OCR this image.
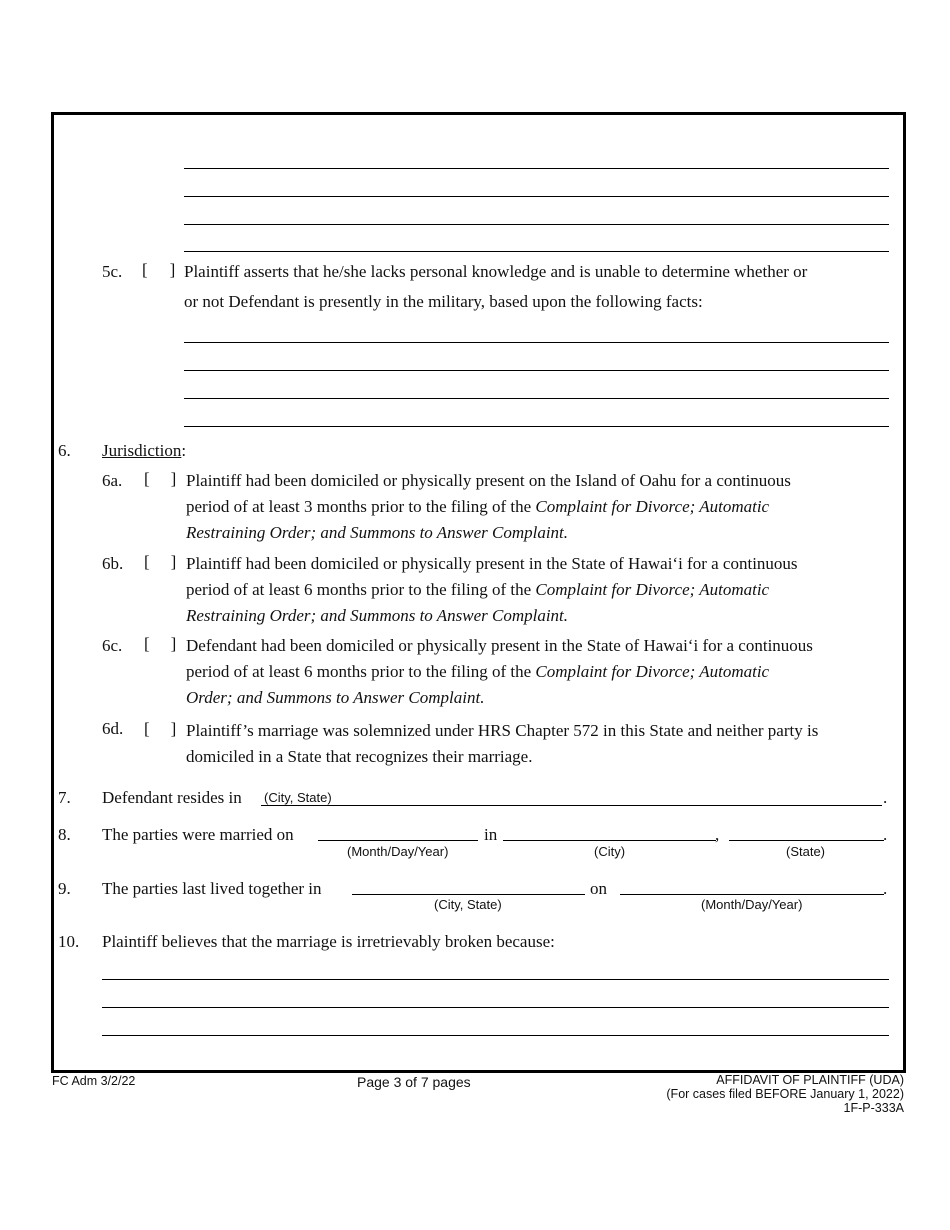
5c. [ ] Plaintiff asserts that he/she lacks personal knowledge and is unable to determine whether or
or not Defendant is presently in the military, based upon the following facts:
6. Jurisdiction:
6a. [ ] Plaintiff had been domiciled or physically present on the Island of Oahu for a continuous
period of at least 3 months prior to the filing of the Complaint for Divorce; Automatic
Restraining Order; and Summons to Answer Complaint.
6b. [ ] Plaintiff had been domiciled or physically present in the State of Hawai‘i for a continuous
period of at least 6 months prior to the filing of the Complaint for Divorce; Automatic
Restraining Order; and Summons to Answer Complaint.
6c. [ ] Defendant had been domiciled or physically present in the State of Hawai‘i for a continuous
period of at least 6 months prior to the filing of the Complaint for Divorce; Automatic
Order; and Summons to Answer Complaint.
6d. [ ] Plaintiff’s marriage was solemnized under HRS Chapter 572 in this State and neither party is
domiciled in a State that recognizes their marriage.
7. Defendant resides in (City, State)	.
8. The parties were married on	in	,	.
(Month/Day/Year)	(City)	(State)
9. The parties last lived together in	on	.
(City, State)	(Month/Day/Year)
10. Plaintiff believes that the marriage is irretrievably broken because:
FC Adm 3/2/22	Page 3 of 7 pages	AFFIDAVIT OF PLAINTIFF (UDA)
(For cases filed BEFORE January 1, 2022)
1F-P-333A
